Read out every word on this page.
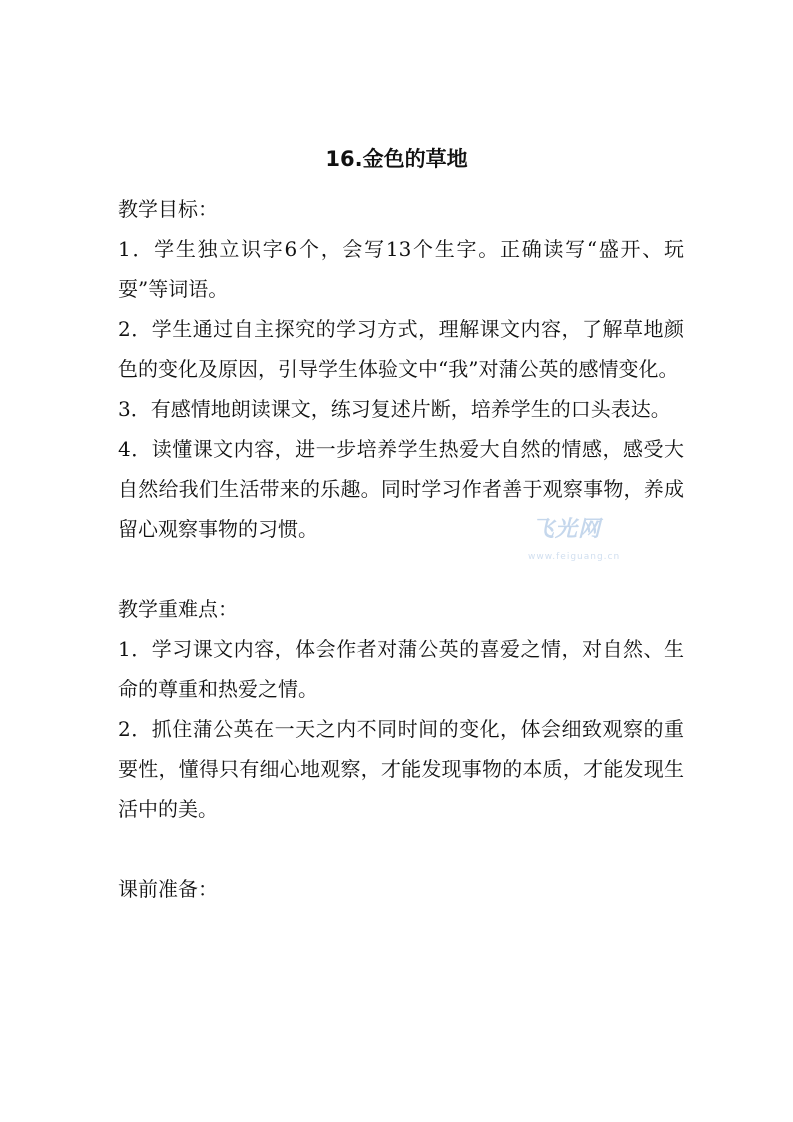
16.金色的草地

教学目标：

1．学生独立识字6个，会写13个生字。正确读写“盛开、玩耍”等词语。

2．学生通过自主探究的学习方式，理解课文内容，了解草地颜色的变化及原因，引导学生体验文中“我”对蒲公英的感情变化。

3．有感情地朗读课文，练习复述片断，培养学生的口头表达。

4．读懂课文内容，进一步培养学生热爱大自然的情感，感受大自然给我们生活带来的乐趣。同时学习作者善于观察事物，养成留心观察事物的习惯。

教学重难点：

1．学习课文内容，体会作者对蒲公英的喜爱之情，对自然、生命的尊重和热爱之情。

2．抓住蒲公英在一天之内不同时间的变化，体会细致观察的重要性，懂得只有细心地观察，才能发现事物的本质，才能发现生活中的美。

课前准备：

飞光网
www.feiguang.cn
